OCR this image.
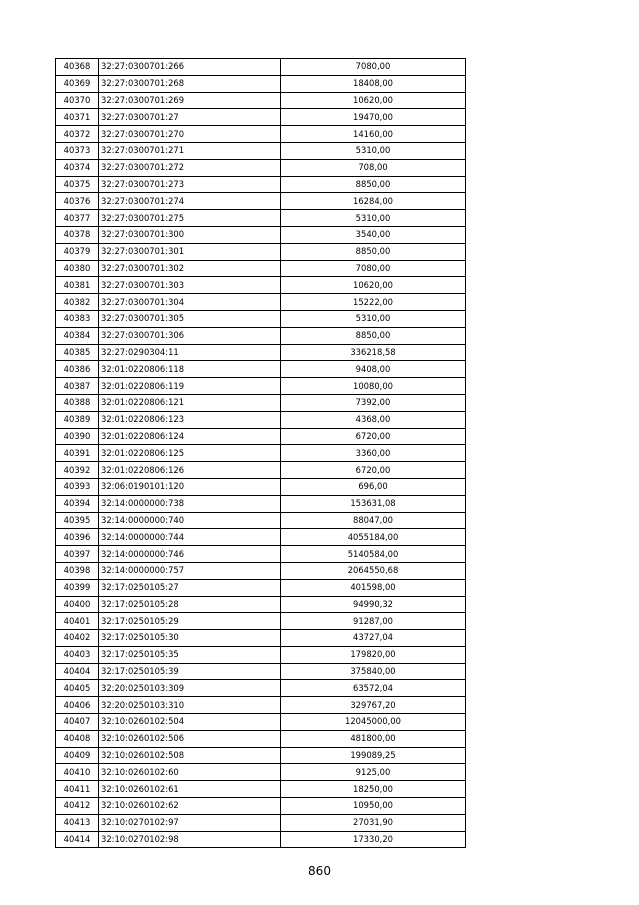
40368	32:27:0300701:266	7080,00
40369	32:27:0300701:268	18408,00
40370	32:27:0300701:269	10620,00
40371	32:27:0300701:27	19470,00
40372	32:27:0300701:270	14160,00
40373	32:27:0300701:271	5310,00
40374	32:27:0300701:272	708,00
40375	32:27:0300701:273	8850,00
40376	32:27:0300701:274	16284,00
40377	32:27:0300701:275	5310,00
40378	32:27:0300701:300	3540,00
40379	32:27:0300701:301	8850,00
40380	32:27:0300701:302	7080,00
40381	32:27:0300701:303	10620,00
40382	32:27:0300701:304	15222,00
40383	32:27:0300701:305	5310,00
40384	32:27:0300701:306	8850,00
40385	32:27:0290304:11	336218,58
40386	32:01:0220806:118	9408,00
40387	32:01:0220806:119	10080,00
40388	32:01:0220806:121	7392,00
40389	32:01:0220806:123	4368,00
40390	32:01:0220806:124	6720,00
40391	32:01:0220806:125	3360,00
40392	32:01:0220806:126	6720,00
40393	32:06:0190101:120	696,00
40394	32:14:0000000:738	153631,08
40395	32:14:0000000:740	88047,00
40396	32:14:0000000:744	4055184,00
40397	32:14:0000000:746	5140584,00
40398	32:14:0000000:757	2064550,68
40399	32:17:0250105:27	401598,00
40400	32:17:0250105:28	94990,32
40401	32:17:0250105:29	91287,00
40402	32:17:0250105:30	43727,04
40403	32:17:0250105:35	179820,00
40404	32:17:0250105:39	375840,00
40405	32:20:0250103:309	63572,04
40406	32:20:0250103:310	329767,20
40407	32:10:0260102:504	12045000,00
40408	32:10:0260102:506	481800,00
40409	32:10:0260102:508	199089,25
40410	32:10:0260102:60	9125,00
40411	32:10:0260102:61	18250,00
40412	32:10:0260102:62	10950,00
40413	32:10:0270102:97	27031,90
40414	32:10:0270102:98	17330,20
860
